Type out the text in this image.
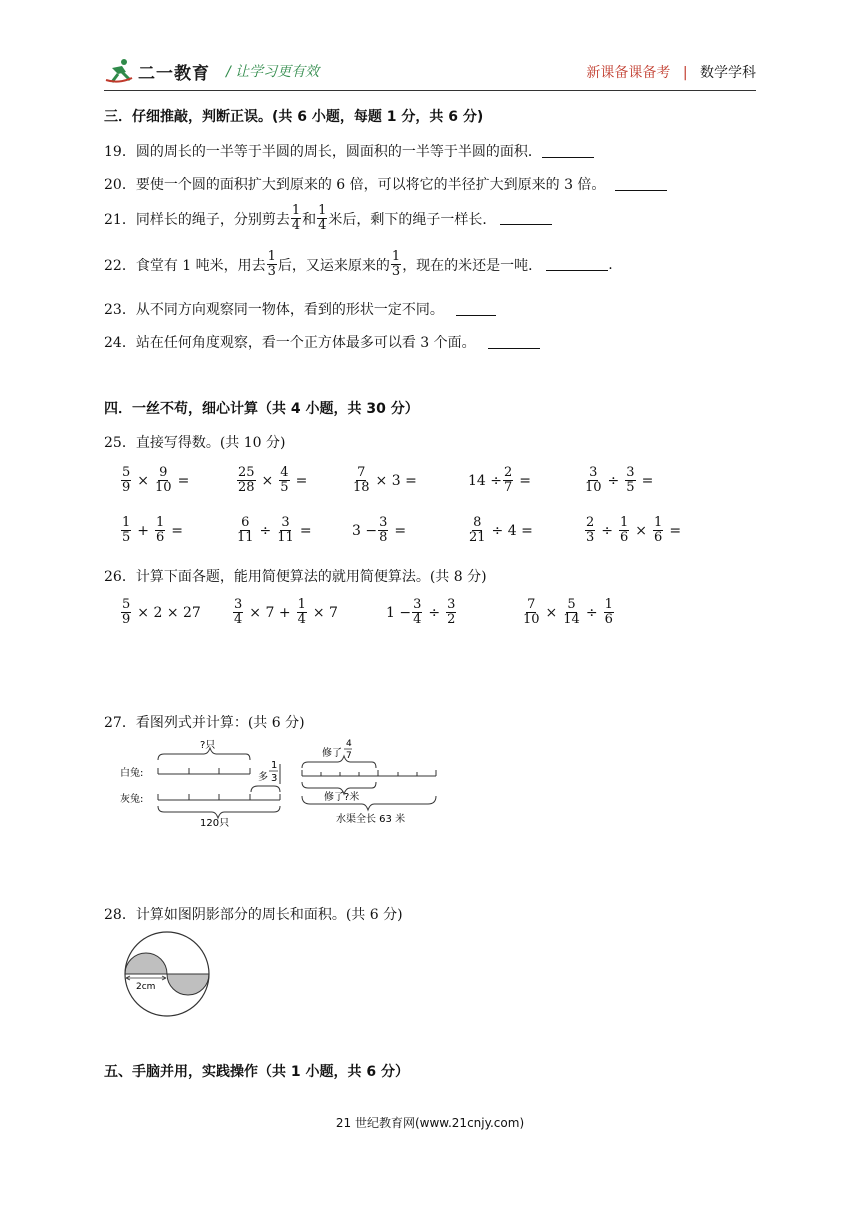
二一教育 / 让学习更有效	新课备课备考 | 数学学科
三．仔细推敲，判断正误。(共 6 小题，每题 1 分，共 6 分)
19．圆的周长的一半等于半圆的周长，圆面积的一半等于半圆的面积．
20．要使一个圆的面积扩大到原来的 6 倍，可以将它的半径扩大到原来的 3 倍。
21．同样长的绳子，分别剪去 $\frac{1}{4}$ 和 $\frac{1}{4}$ 米后，剩下的绳子一样长．
22．食堂有 1 吨米，用去 $\frac{1}{3}$ 后，又运来原来的 $\frac{1}{3}$ ，现在的米还是一吨．	.
23．从不同方向观察同一物体，看到的形状一定不同。
24．站在任何角度观察，看一个正方体最多可以看 3 个面。
四．一丝不苟，细心计算（共 4 小题，共 30 分）
25．直接写得数。(共 10 分)
$\frac{5}{9} \times \frac{9}{10}$ =	$\frac{25}{28} \times \frac{4}{5}$ =	$\frac{7}{18} \times 3$ =	$14 \div \frac{2}{7}$ =	$\frac{3}{10} \div \frac{3}{5}$ =
$\frac{1}{5} + \frac{1}{6}$ =	$\frac{6}{11} \div \frac{3}{11}$ =	$3 - \frac{3}{8}$ =	$\frac{8}{21} \div 4$ =	$\frac{2}{3} \div \frac{1}{6} \times \frac{1}{6}$ =
26．计算下面各题，能用简便算法的就用简便算法。(共 8 分)
$\frac{5}{9} \times 2 \times 27 \frac{3}{4} \times 7 + \frac{1}{4} \times 7$	$1 - \frac{3}{4} \div \frac{3}{2}$	$\frac{7}{10} \times \frac{5}{14} \div \frac{1}{6}$
27．看图列式并计算：(共 6 分)
?只
白兔:
灰兔:
多
1
3
120只
修了
4
7
修了?米
水渠全长 63 米
28．计算如图阴影部分的周长和面积。(共 6 分)
2cm
五、手脑并用，实践操作（共 1 小题，共 6 分）
21 世纪教育网(www.21cnjy.com)
